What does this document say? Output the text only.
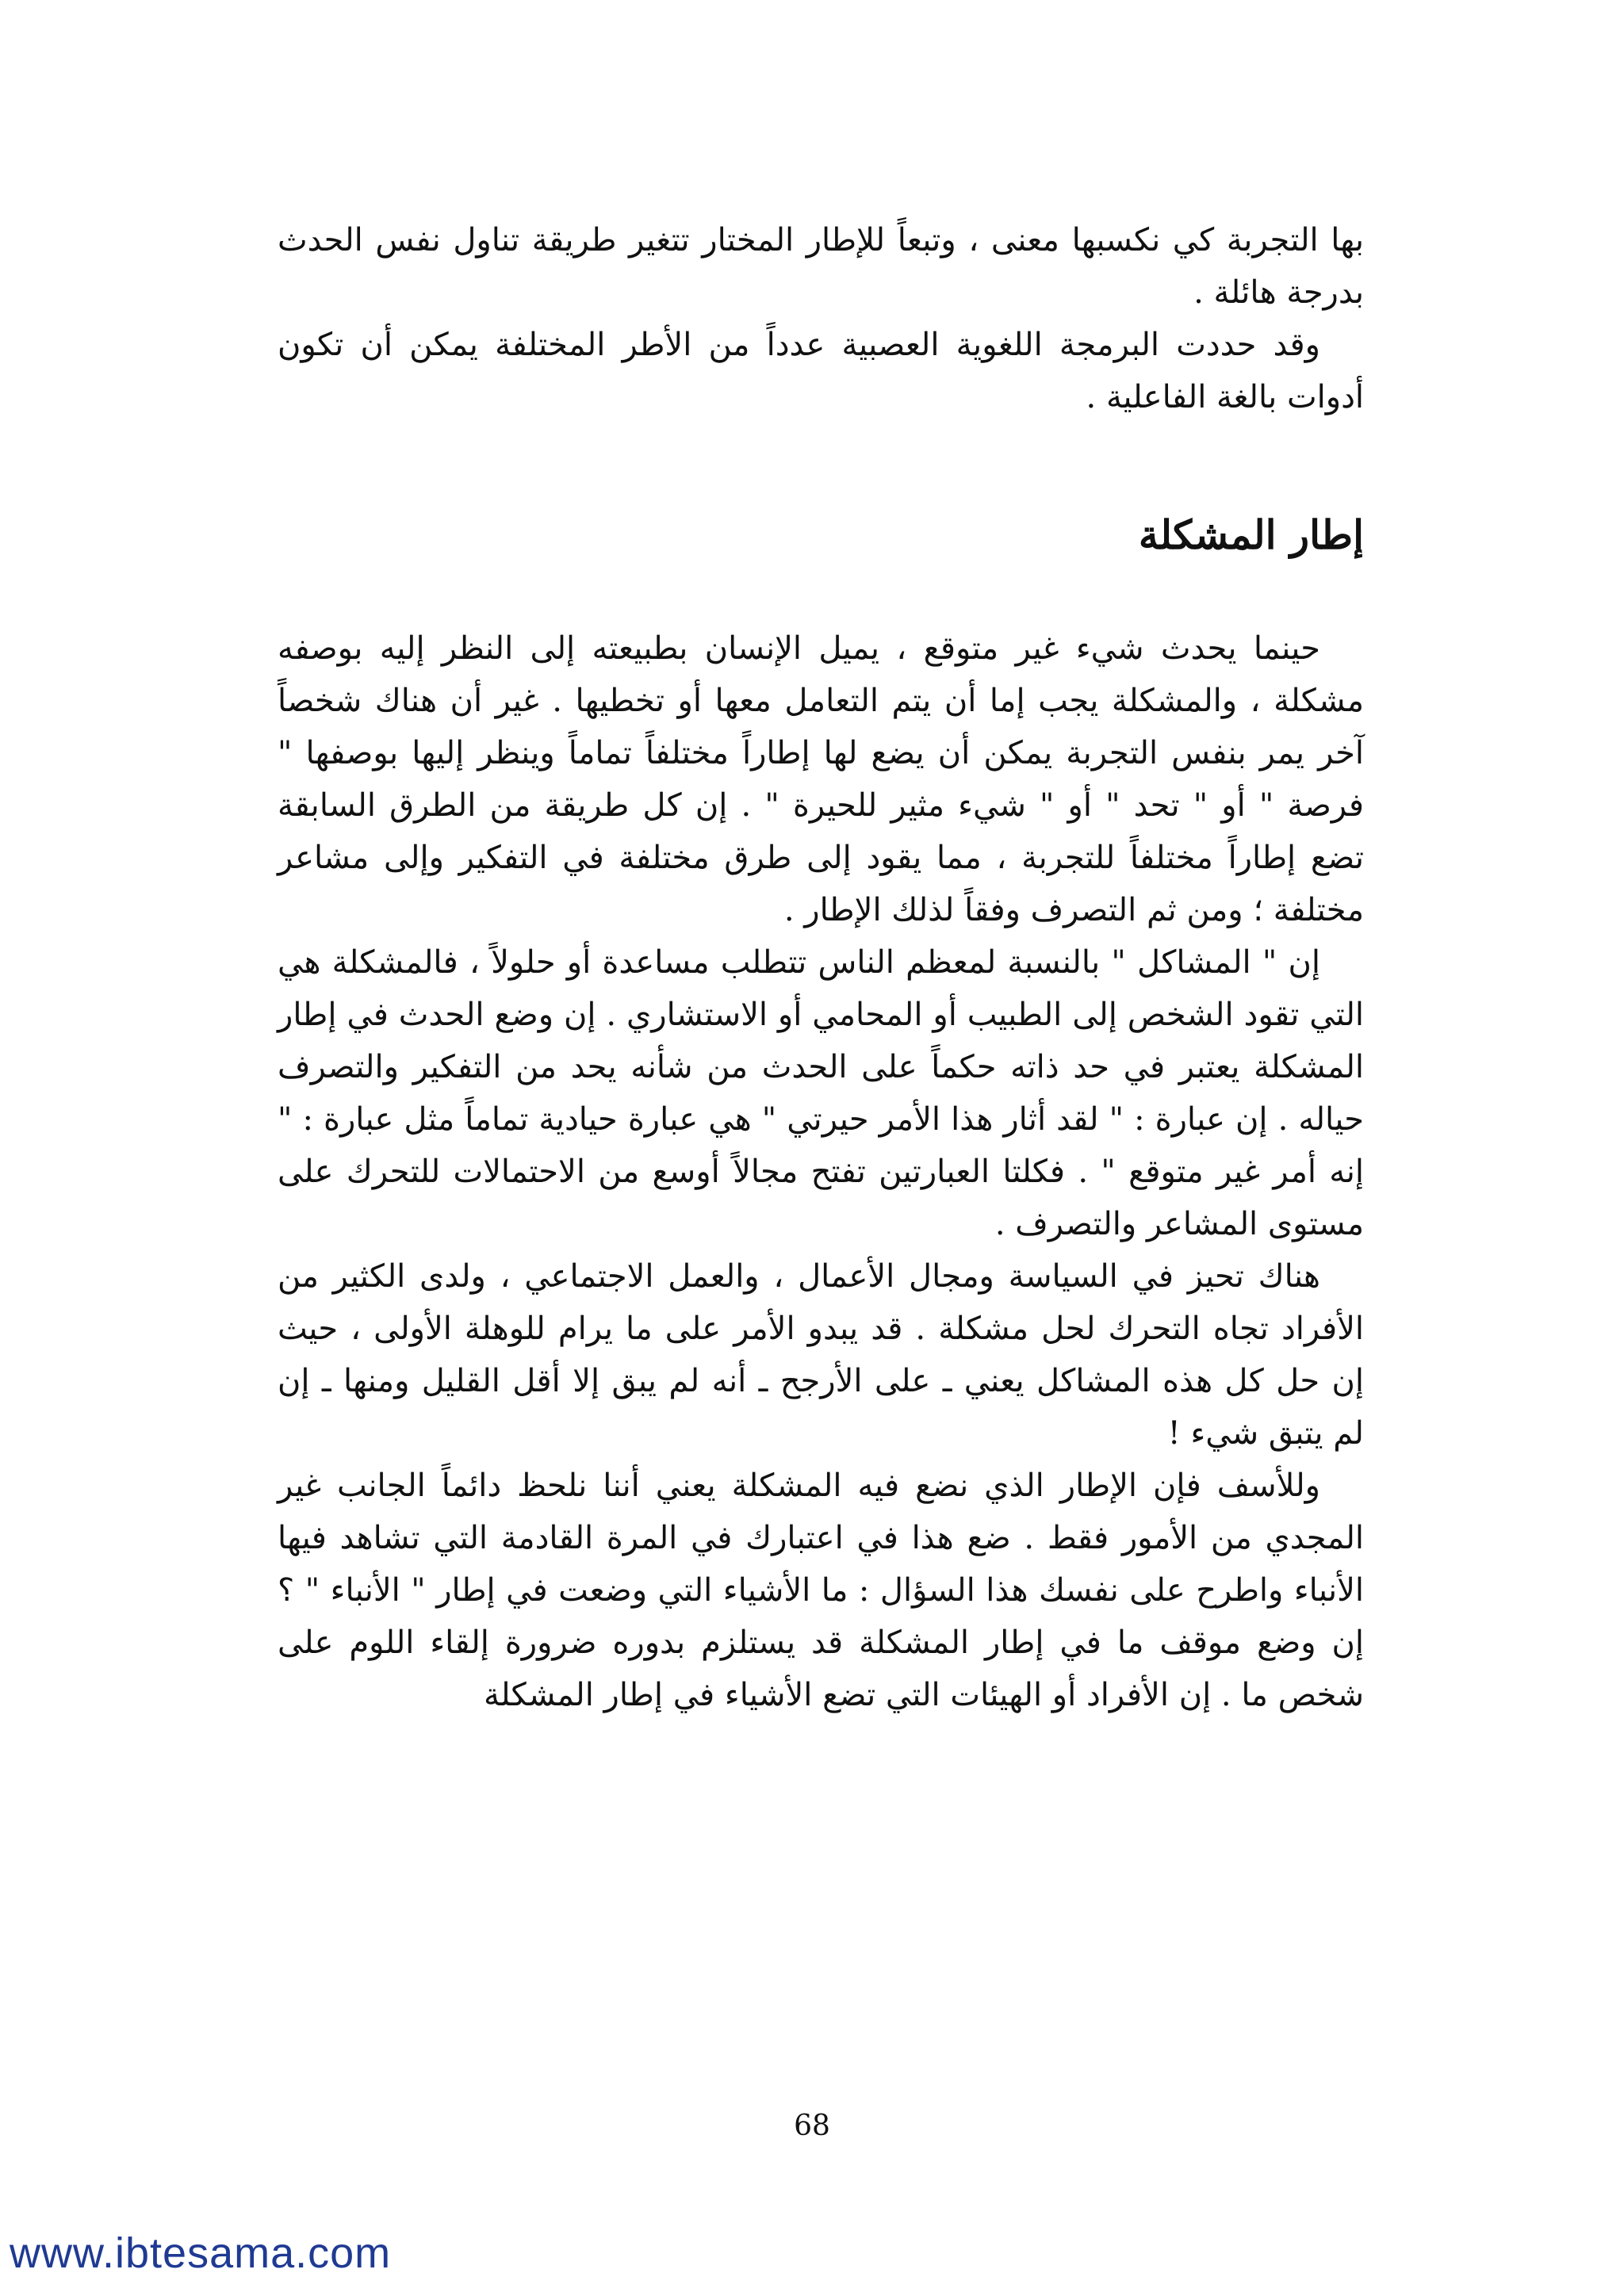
بها التجربة كي نكسبها معنى ، وتبعاً للإطار المختار تتغير طريقة تناول نفس الحدث بدرجة هائلة .

وقد حددت البرمجة اللغوية العصبية عدداً من الأطر المختلفة يمكن أن تكون أدوات بالغة الفاعلية .

إطار المشكلة

حينما يحدث شيء غير متوقع ، يميل الإنسان بطبيعته إلى النظر إليه بوصفه مشكلة ، والمشكلة يجب إما أن يتم التعامل معها أو تخطيها . غير أن هناك شخصاً آخر يمر بنفس التجربة يمكن أن يضع لها إطاراً مختلفاً تماماً وينظر إليها بوصفها " فرصة " أو " تحد " أو " شيء مثير للحيرة " . إن كل طريقة من الطرق السابقة تضع إطاراً مختلفاً للتجربة ، مما يقود إلى طرق مختلفة في التفكير وإلى مشاعر مختلفة ؛ ومن ثم التصرف وفقاً لذلك الإطار .

إن " المشاكل " بالنسبة لمعظم الناس تتطلب مساعدة أو حلولاً ، فالمشكلة هي التي تقود الشخص إلى الطبيب أو المحامي أو الاستشاري . إن وضع الحدث في إطار المشكلة يعتبر في حد ذاته حكماً على الحدث من شأنه يحد من التفكير والتصرف حياله . إن عبارة : " لقد أثار هذا الأمر حيرتي " هي عبارة حيادية تماماً مثل عبارة : " إنه أمر غير متوقع " . فكلتا العبارتين تفتح مجالاً أوسع من الاحتمالات للتحرك على مستوى المشاعر والتصرف .

هناك تحيز في السياسة ومجال الأعمال ، والعمل الاجتماعي ، ولدى الكثير من الأفراد تجاه التحرك لحل مشكلة . قد يبدو الأمر على ما يرام للوهلة الأولى ، حيث إن حل كل هذه المشاكل يعني ـ على الأرجح ـ أنه لم يبق إلا أقل القليل ومنها ـ إن لم يتبق شيء !

وللأسف فإن الإطار الذي نضع فيه المشكلة يعني أننا نلحظ دائماً الجانب غير المجدي من الأمور فقط . ضع هذا في اعتبارك في المرة القادمة التي تشاهد فيها الأنباء واطرح على نفسك هذا السؤال : ما الأشياء التي وضعت في إطار " الأنباء " ؟ إن وضع موقف ما في إطار المشكلة قد يستلزم بدوره ضرورة إلقاء اللوم على شخص ما . إن الأفراد أو الهيئات التي تضع الأشياء في إطار المشكلة

68

www.ibtesama.com
